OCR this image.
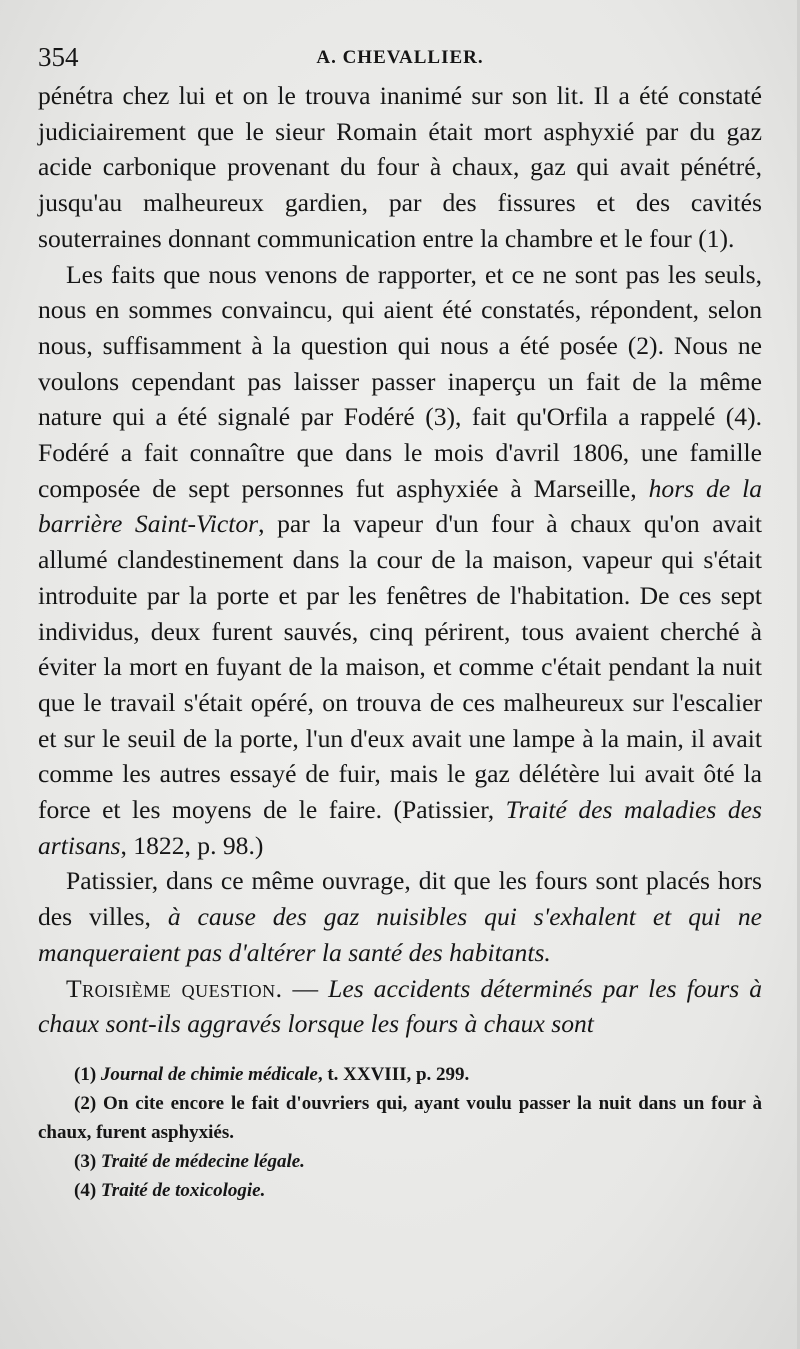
354	A. CHEVALLIER.

pénétra chez lui et on le trouva inanimé sur son lit. Il a été constaté judiciairement que le sieur Romain était mort asphyxié par du gaz acide carbonique provenant du four à chaux, gaz qui avait pénétré, jusqu'au malheureux gardien, par des fissures et des cavités souterraines donnant communication entre la chambre et le four (1).

Les faits que nous venons de rapporter, et ce ne sont pas les seuls, nous en sommes convaincu, qui aient été constatés, répondent, selon nous, suffisamment à la question qui nous a été posée (2). Nous ne voulons cependant pas laisser passer inaperçu un fait de la même nature qui a été signalé par Fodéré (3), fait qu'Orfila a rappelé (4). Fodéré a fait connaître que dans le mois d'avril 1806, une famille composée de sept personnes fut asphyxiée à Marseille, hors de la barrière Saint-Victor, par la vapeur d'un four à chaux qu'on avait allumé clandestinement dans la cour de la maison, vapeur qui s'était introduite par la porte et par les fenêtres de l'habitation. De ces sept individus, deux furent sauvés, cinq périrent, tous avaient cherché à éviter la mort en fuyant de la maison, et comme c'était pendant la nuit que le travail s'était opéré, on trouva de ces malheureux sur l'escalier et sur le seuil de la porte, l'un d'eux avait une lampe à la main, il avait comme les autres essayé de fuir, mais le gaz délétère lui avait ôté la force et les moyens de le faire. (Patissier, Traité des maladies des artisans, 1822, p. 98.)

Patissier, dans ce même ouvrage, dit que les fours sont placés hors des villes, à cause des gaz nuisibles qui s'exhalent et qui ne manqueraient pas d'altérer la santé des habitants.

Troisième question. — Les accidents déterminés par les fours à chaux sont-ils aggravés lorsque les fours à chaux sont

(1) Journal de chimie médicale, t. XXVIII, p. 299.

(2) On cite encore le fait d'ouvriers qui, ayant voulu passer la nuit dans un four à chaux, furent asphyxiés.

(3) Traité de médecine légale.

(4) Traité de toxicologie.
